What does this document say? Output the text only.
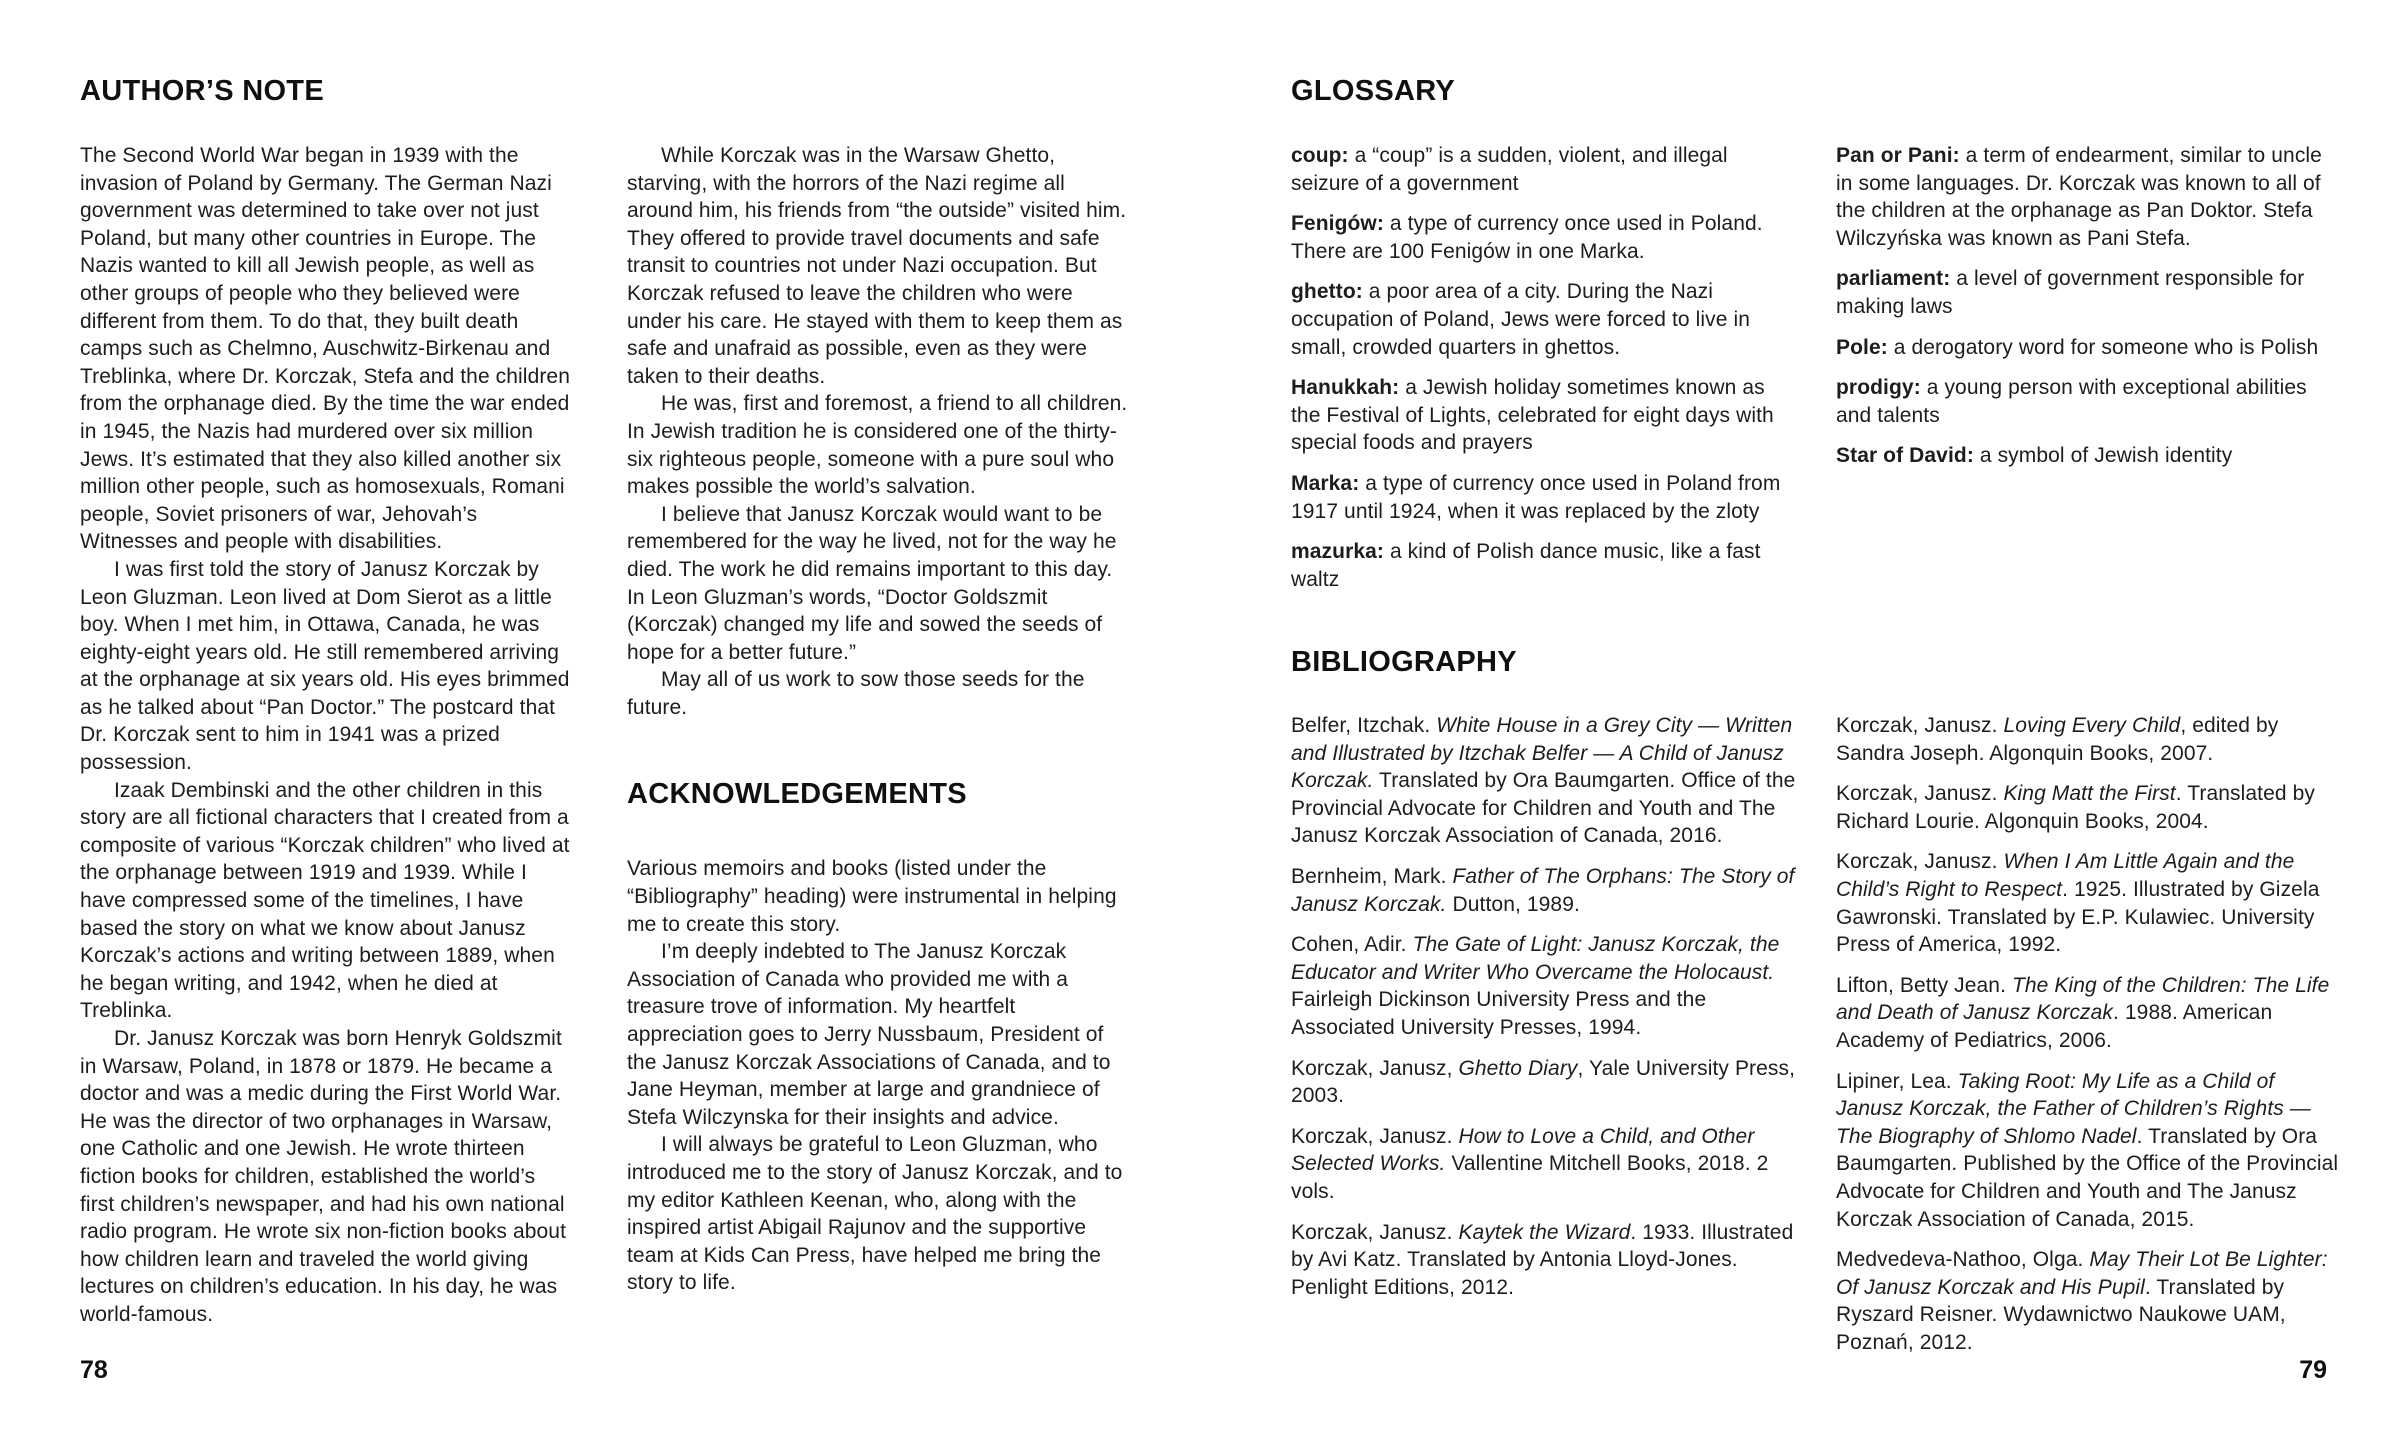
AUTHOR’S NOTE

The Second World War began in 1939 with the invasion of Poland by Germany. The German Nazi government was determined to take over not just Poland, but many other countries in Europe. The Nazis wanted to kill all Jewish people, as well as other groups of people who they believed were different from them. To do that, they built death camps such as Chelmno, Auschwitz-Birkenau and Treblinka, where Dr. Korczak, Stefa and the children from the orphanage died. By the time the war ended in 1945, the Nazis had murdered over six million Jews. It’s estimated that they also killed another six million other people, such as homosexuals, Romani people, Soviet prisoners of war, Jehovah’s Witnesses and people with disabilities.

I was first told the story of Janusz Korczak by Leon Gluzman. Leon lived at Dom Sierot as a little boy. When I met him, in Ottawa, Canada, he was eighty-eight years old. He still remembered arriving at the orphanage at six years old. His eyes brimmed as he talked about “Pan Doctor.” The postcard that Dr. Korczak sent to him in 1941 was a prized possession.

Izaak Dembinski and the other children in this story are all fictional characters that I created from a composite of various “Korczak children” who lived at the orphanage between 1919 and 1939. While I have compressed some of the timelines, I have based the story on what we know about Janusz Korczak’s actions and writing between 1889, when he began writing, and 1942, when he died at Treblinka.

Dr. Janusz Korczak was born Henryk Goldszmit in Warsaw, Poland, in 1878 or 1879. He became a doctor and was a medic during the First World War. He was the director of two orphanages in Warsaw, one Catholic and one Jewish. He wrote thirteen fiction books for children, established the world’s first children’s newspaper, and had his own national radio program. He wrote six non-fiction books about how children learn and traveled the world giving lectures on children’s education. In his day, he was world-famous.

While Korczak was in the Warsaw Ghetto, starving, with the horrors of the Nazi regime all around him, his friends from “the outside” visited him. They offered to provide travel documents and safe transit to countries not under Nazi occupation. But Korczak refused to leave the children who were under his care. He stayed with them to keep them as safe and unafraid as possible, even as they were taken to their deaths.

He was, first and foremost, a friend to all children. In Jewish tradition he is considered one of the thirty-six righteous people, someone with a pure soul who makes possible the world’s salvation.

I believe that Janusz Korczak would want to be remembered for the way he lived, not for the way he died. The work he did remains important to this day. In Leon Gluzman’s words, “Doctor Goldszmit (Korczak) changed my life and sowed the seeds of hope for a better future.”

May all of us work to sow those seeds for the future.

ACKNOWLEDGEMENTS

Various memoirs and books (listed under the “Bibliography” heading) were instrumental in helping me to create this story.

I’m deeply indebted to The Janusz Korczak Association of Canada who provided me with a treasure trove of information. My heartfelt appreciation goes to Jerry Nussbaum, President of the Janusz Korczak Associations of Canada, and to Jane Heyman, member at large and grandniece of Stefa Wilczynska for their insights and advice.

I will always be grateful to Leon Gluzman, who introduced me to the story of Janusz Korczak, and to my editor Kathleen Keenan, who, along with the inspired artist Abigail Rajunov and the supportive team at Kids Can Press, have helped me bring the story to life.

78
GLOSSARY

coup: a “coup” is a sudden, violent, and illegal seizure of a government

Fenigów: a type of currency once used in Poland. There are 100 Fenigów in one Marka.

ghetto: a poor area of a city. During the Nazi occupation of Poland, Jews were forced to live in small, crowded quarters in ghettos.

Hanukkah: a Jewish holiday sometimes known as the Festival of Lights, celebrated for eight days with special foods and prayers

Marka: a type of currency once used in Poland from 1917 until 1924, when it was replaced by the zloty

mazurka: a kind of Polish dance music, like a fast waltz

Pan or Pani: a term of endearment, similar to uncle in some languages. Dr. Korczak was known to all of the children at the orphanage as Pan Doktor. Stefa Wilczyńska was known as Pani Stefa.

parliament: a level of government responsible for making laws

Pole: a derogatory word for someone who is Polish

prodigy: a young person with exceptional abilities and talents

Star of David: a symbol of Jewish identity

BIBLIOGRAPHY

Belfer, Itzchak. White House in a Grey City — Written and Illustrated by Itzchak Belfer — A Child of Janusz Korczak. Translated by Ora Baumgarten. Office of the Provincial Advocate for Children and Youth and The Janusz Korczak Association of Canada, 2016.

Bernheim, Mark. Father of The Orphans: The Story of Janusz Korczak. Dutton, 1989.

Cohen, Adir. The Gate of Light: Janusz Korczak, the Educator and Writer Who Overcame the Holocaust. Fairleigh Dickinson University Press and the Associated University Presses, 1994.

Korczak, Janusz, Ghetto Diary, Yale University Press, 2003.

Korczak, Janusz. How to Love a Child, and Other Selected Works. Vallentine Mitchell Books, 2018. 2 vols.

Korczak, Janusz. Kaytek the Wizard. 1933. Illustrated by Avi Katz. Translated by Antonia Lloyd-Jones. Penlight Editions, 2012.

Korczak, Janusz. Loving Every Child, edited by Sandra Joseph. Algonquin Books, 2007.

Korczak, Janusz. King Matt the First. Translated by Richard Lourie. Algonquin Books, 2004.

Korczak, Janusz. When I Am Little Again and the Child’s Right to Respect. 1925. Illustrated by Gizela Gawronski. Translated by E.P. Kulawiec. University Press of America, 1992.

Lifton, Betty Jean. The King of the Children: The Life and Death of Janusz Korczak. 1988. American Academy of Pediatrics, 2006.

Lipiner, Lea. Taking Root: My Life as a Child of Janusz Korczak, the Father of Children’s Rights — The Biography of Shlomo Nadel. Translated by Ora Baumgarten. Published by the Office of the Provincial Advocate for Children and Youth and The Janusz Korczak Association of Canada, 2015.

Medvedeva-Nathoo, Olga. May Their Lot Be Lighter: Of Janusz Korczak and His Pupil. Translated by Ryszard Reisner. Wydawnictwo Naukowe UAM, Poznań, 2012.

79
